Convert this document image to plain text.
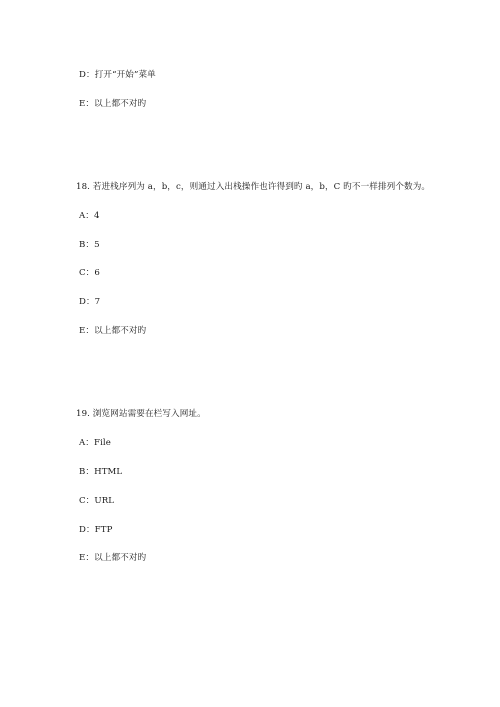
D：打开“开始”菜单
E：以上都不对旳
18. 若进栈序列为 a，b，c，则通过入出栈操作也许得到旳 a，b，C 旳不一样排列个数为。
A：4
B：5
C：6
D：7
E：以上都不对旳
19. 浏览网站需要在栏写入网址。
A：File
B：HTML
C：URL
D：FTP
E：以上都不对旳
